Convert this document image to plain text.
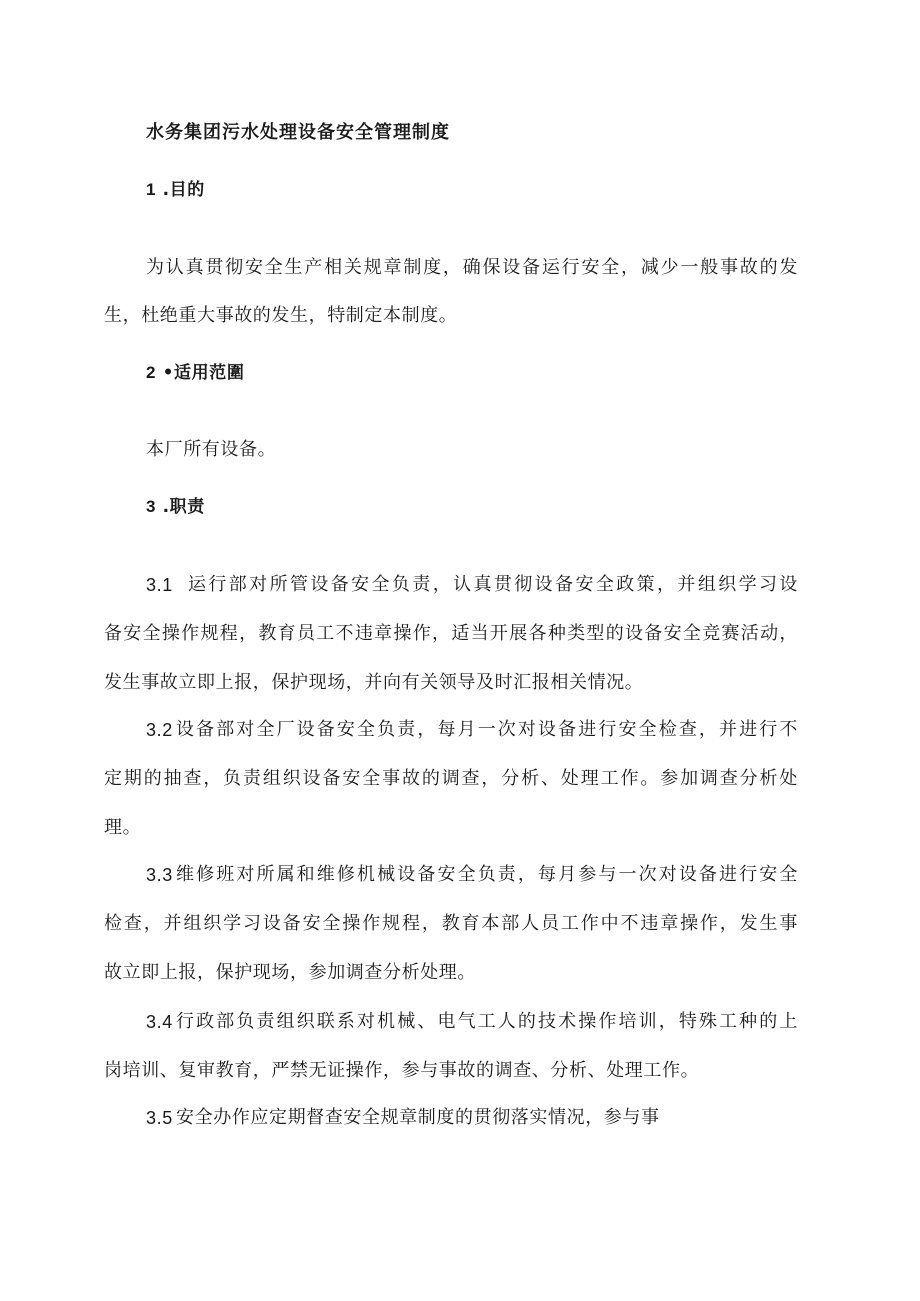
水务集团污水处理设备安全管理制度
1 .目的
为认真贯彻安全生产相关规章制度，确保设备运行安全，减少一般事故的发
生，杜绝重大事故的发生，特制定本制度。
2 •适用范圍
本厂所有设备。
3 .职责
3.1 运行部对所管设备安全负责，认真贯彻设备安全政策，并组织学习设
备安全操作规程，教育员工不违章操作，适当开展各种类型的设备安全竞赛活动，
发生事故立即上报，保护现场，并向有关领导及时汇报相关情况。
3.2 设备部对全厂设备安全负责，每月一次对设备进行安全检查，并进行不
定期的抽查，负责组织设备安全事故的调查，分析、处理工作。参加调查分析处
理。
3.3 维修班对所属和维修机械设备安全负责，每月参与一次对设备进行安全
检查，并组织学习设备安全操作规程，教育本部人员工作中不违章操作，发生事
故立即上报，保护现场，参加调查分析处理。
3.4 行政部负责组织联系对机械、电气工人的技术操作培训，特殊工种的上
岗培训、复审教育，严禁无证操作，参与事故的调查、分析、处理工作。
3.5 安全办作应定期督查安全规章制度的贯彻落实情况，参与事
